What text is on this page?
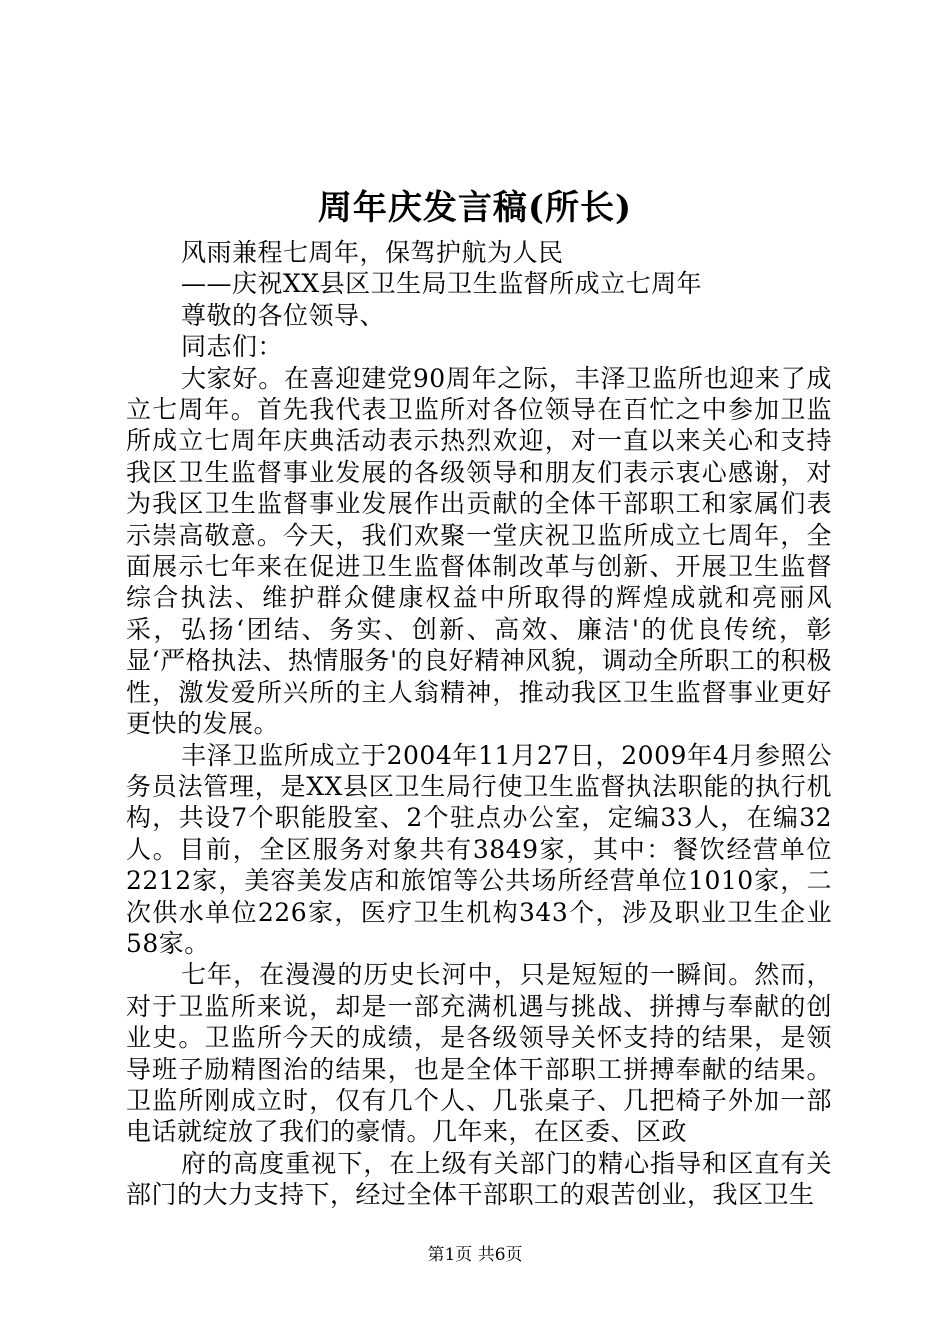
周年庆发言稿(所长)

风雨兼程七周年，保驾护航为人民

——庆祝XX县区卫生局卫生监督所成立七周年

尊敬的各位领导、

同志们：

大家好。在喜迎建党90周年之际，丰泽卫监所也迎来了成立七周年。首先我代表卫监所对各位领导在百忙之中参加卫监所成立七周年庆典活动表示热烈欢迎，对一直以来关心和支持我区卫生监督事业发展的各级领导和朋友们表示衷心感谢，对为我区卫生监督事业发展作出贡献的全体干部职工和家属们表示崇高敬意。今天，我们欢聚一堂庆祝卫监所成立七周年，全面展示七年来在促进卫生监督体制改革与创新、开展卫生监督综合执法、维护群众健康权益中所取得的辉煌成就和亮丽风采，弘扬‘团结、务实、创新、高效、廉洁'的优良传统，彰显‘严格执法、热情服务'的良好精神风貌，调动全所职工的积极性，激发爱所兴所的主人翁精神，推动我区卫生监督事业更好更快的发展。

丰泽卫监所成立于2004年11月27日，2009年4月参照公务员法管理，是XX县区卫生局行使卫生监督执法职能的执行机构，共设7个职能股室、2个驻点办公室，定编33人，在编32人。目前，全区服务对象共有3849家，其中：餐饮经营单位2212家，美容美发店和旅馆等公共场所经营单位1010家，二次供水单位226家，医疗卫生机构343个，涉及职业卫生企业58家。

七年，在漫漫的历史长河中，只是短短的一瞬间。然而，对于卫监所来说，却是一部充满机遇与挑战、拼搏与奉献的创业史。卫监所今天的成绩，是各级领导关怀支持的结果，是领导班子励精图治的结果，也是全体干部职工拼搏奉献的结果。卫监所刚成立时，仅有几个人、几张桌子、几把椅子外加一部电话就绽放了我们的豪情。几年来，在区委、区政

府的高度重视下，在上级有关部门的精心指导和区直有关部门的大力支持下，经过全体干部职工的艰苦创业，我区卫生

第1页 共6页
